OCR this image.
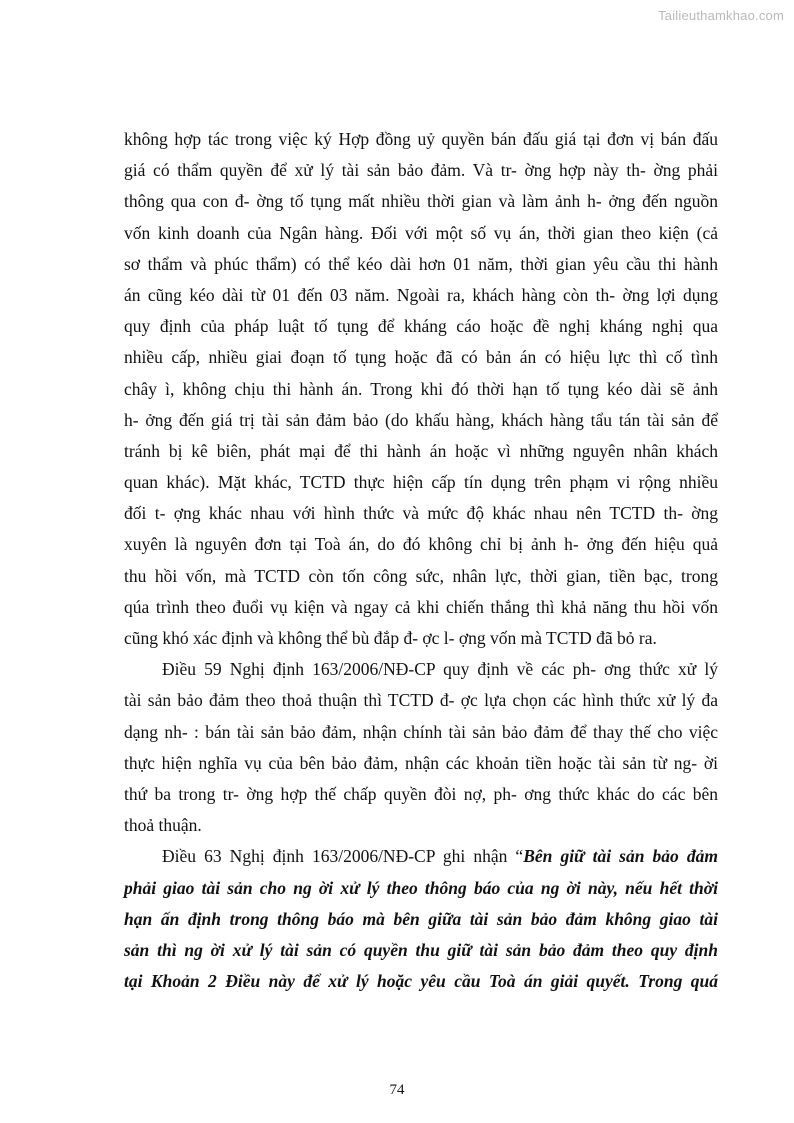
Tailieuthamkhao.com
không hợp tác trong việc ký Hợp đồng uỷ quyền bán đấu giá tại đơn vị bán đấu
giá có thẩm quyền để xử lý tài sản bảo đảm. Và tr- ờng hợp này th- ờng phải
thông qua con đ- ờng tố tụng mất nhiều thời gian và làm ảnh h- ởng đến nguồn
vốn kinh doanh của Ngân hàng. Đối với một số vụ án, thời gian theo kiện (cả
sơ thẩm và phúc thẩm) có thể kéo dài hơn 01 năm, thời gian yêu cầu thi hành
án cũng kéo dài từ 01 đến 03 năm. Ngoài ra, khách hàng còn th- ờng lợi dụng
quy định của pháp luật tố tụng để kháng cáo hoặc đề nghị kháng nghị qua
nhiều cấp, nhiều giai đoạn tố tụng hoặc đã có bản án có hiệu lực thì cố tình
chây ì, không chịu thi hành án. Trong khi đó thời hạn tố tụng kéo dài sẽ ảnh
h- ởng đến giá trị tài sản đảm bảo (do khấu hàng, khách hàng tẩu tán tài sản để
tránh bị kê biên, phát mại để thi hành án hoặc vì những nguyên nhân khách
quan khác). Mặt khác, TCTD thực hiện cấp tín dụng trên phạm vi rộng nhiều
đối t- ợng khác nhau với hình thức và mức độ khác nhau nên TCTD th- ờng
xuyên là nguyên đơn tại Toà án, do đó không chỉ bị ảnh h- ởng đến hiệu quả
thu hồi vốn, mà TCTD còn tốn công sức, nhân lực, thời gian, tiền bạc, trong
qúa trình theo đuổi vụ kiện và ngay cả khi chiến thắng thì khả năng thu hồi vốn
cũng khó xác định và không thể bù đắp đ- ợc l- ợng vốn mà TCTD đã bỏ ra.
Điều 59 Nghị định 163/2006/NĐ-CP quy định về các ph- ơng thức xử lý
tài sản bảo đảm theo thoả thuận thì TCTD đ- ợc lựa chọn các hình thức xử lý đa
dạng nh- : bán tài sản bảo đảm, nhận chính tài sản bảo đảm để thay thế cho việc
thực hiện nghĩa vụ của bên bảo đảm, nhận các khoản tiền hoặc tài sản từ ng- ời
thứ ba trong tr- ờng hợp thế chấp quyền đòi nợ, ph- ơng thức khác do các bên
thoả thuận.
Điều 63 Nghị định 163/2006/NĐ-CP ghi nhận “Bên giữ tài sản bảo đảm
phải giao tài sản cho ng ời xử lý theo thông báo của ng ời này, nếu hết thời
hạn ấn định trong thông báo mà bên giữa tài sản bảo đảm không giao tài
sản thì ng ời xử lý tài sản có quyền thu giữ tài sản bảo đảm theo quy định
tại Khoản 2 Điều này để xử lý hoặc yêu cầu Toà án giải quyết. Trong quá
74
